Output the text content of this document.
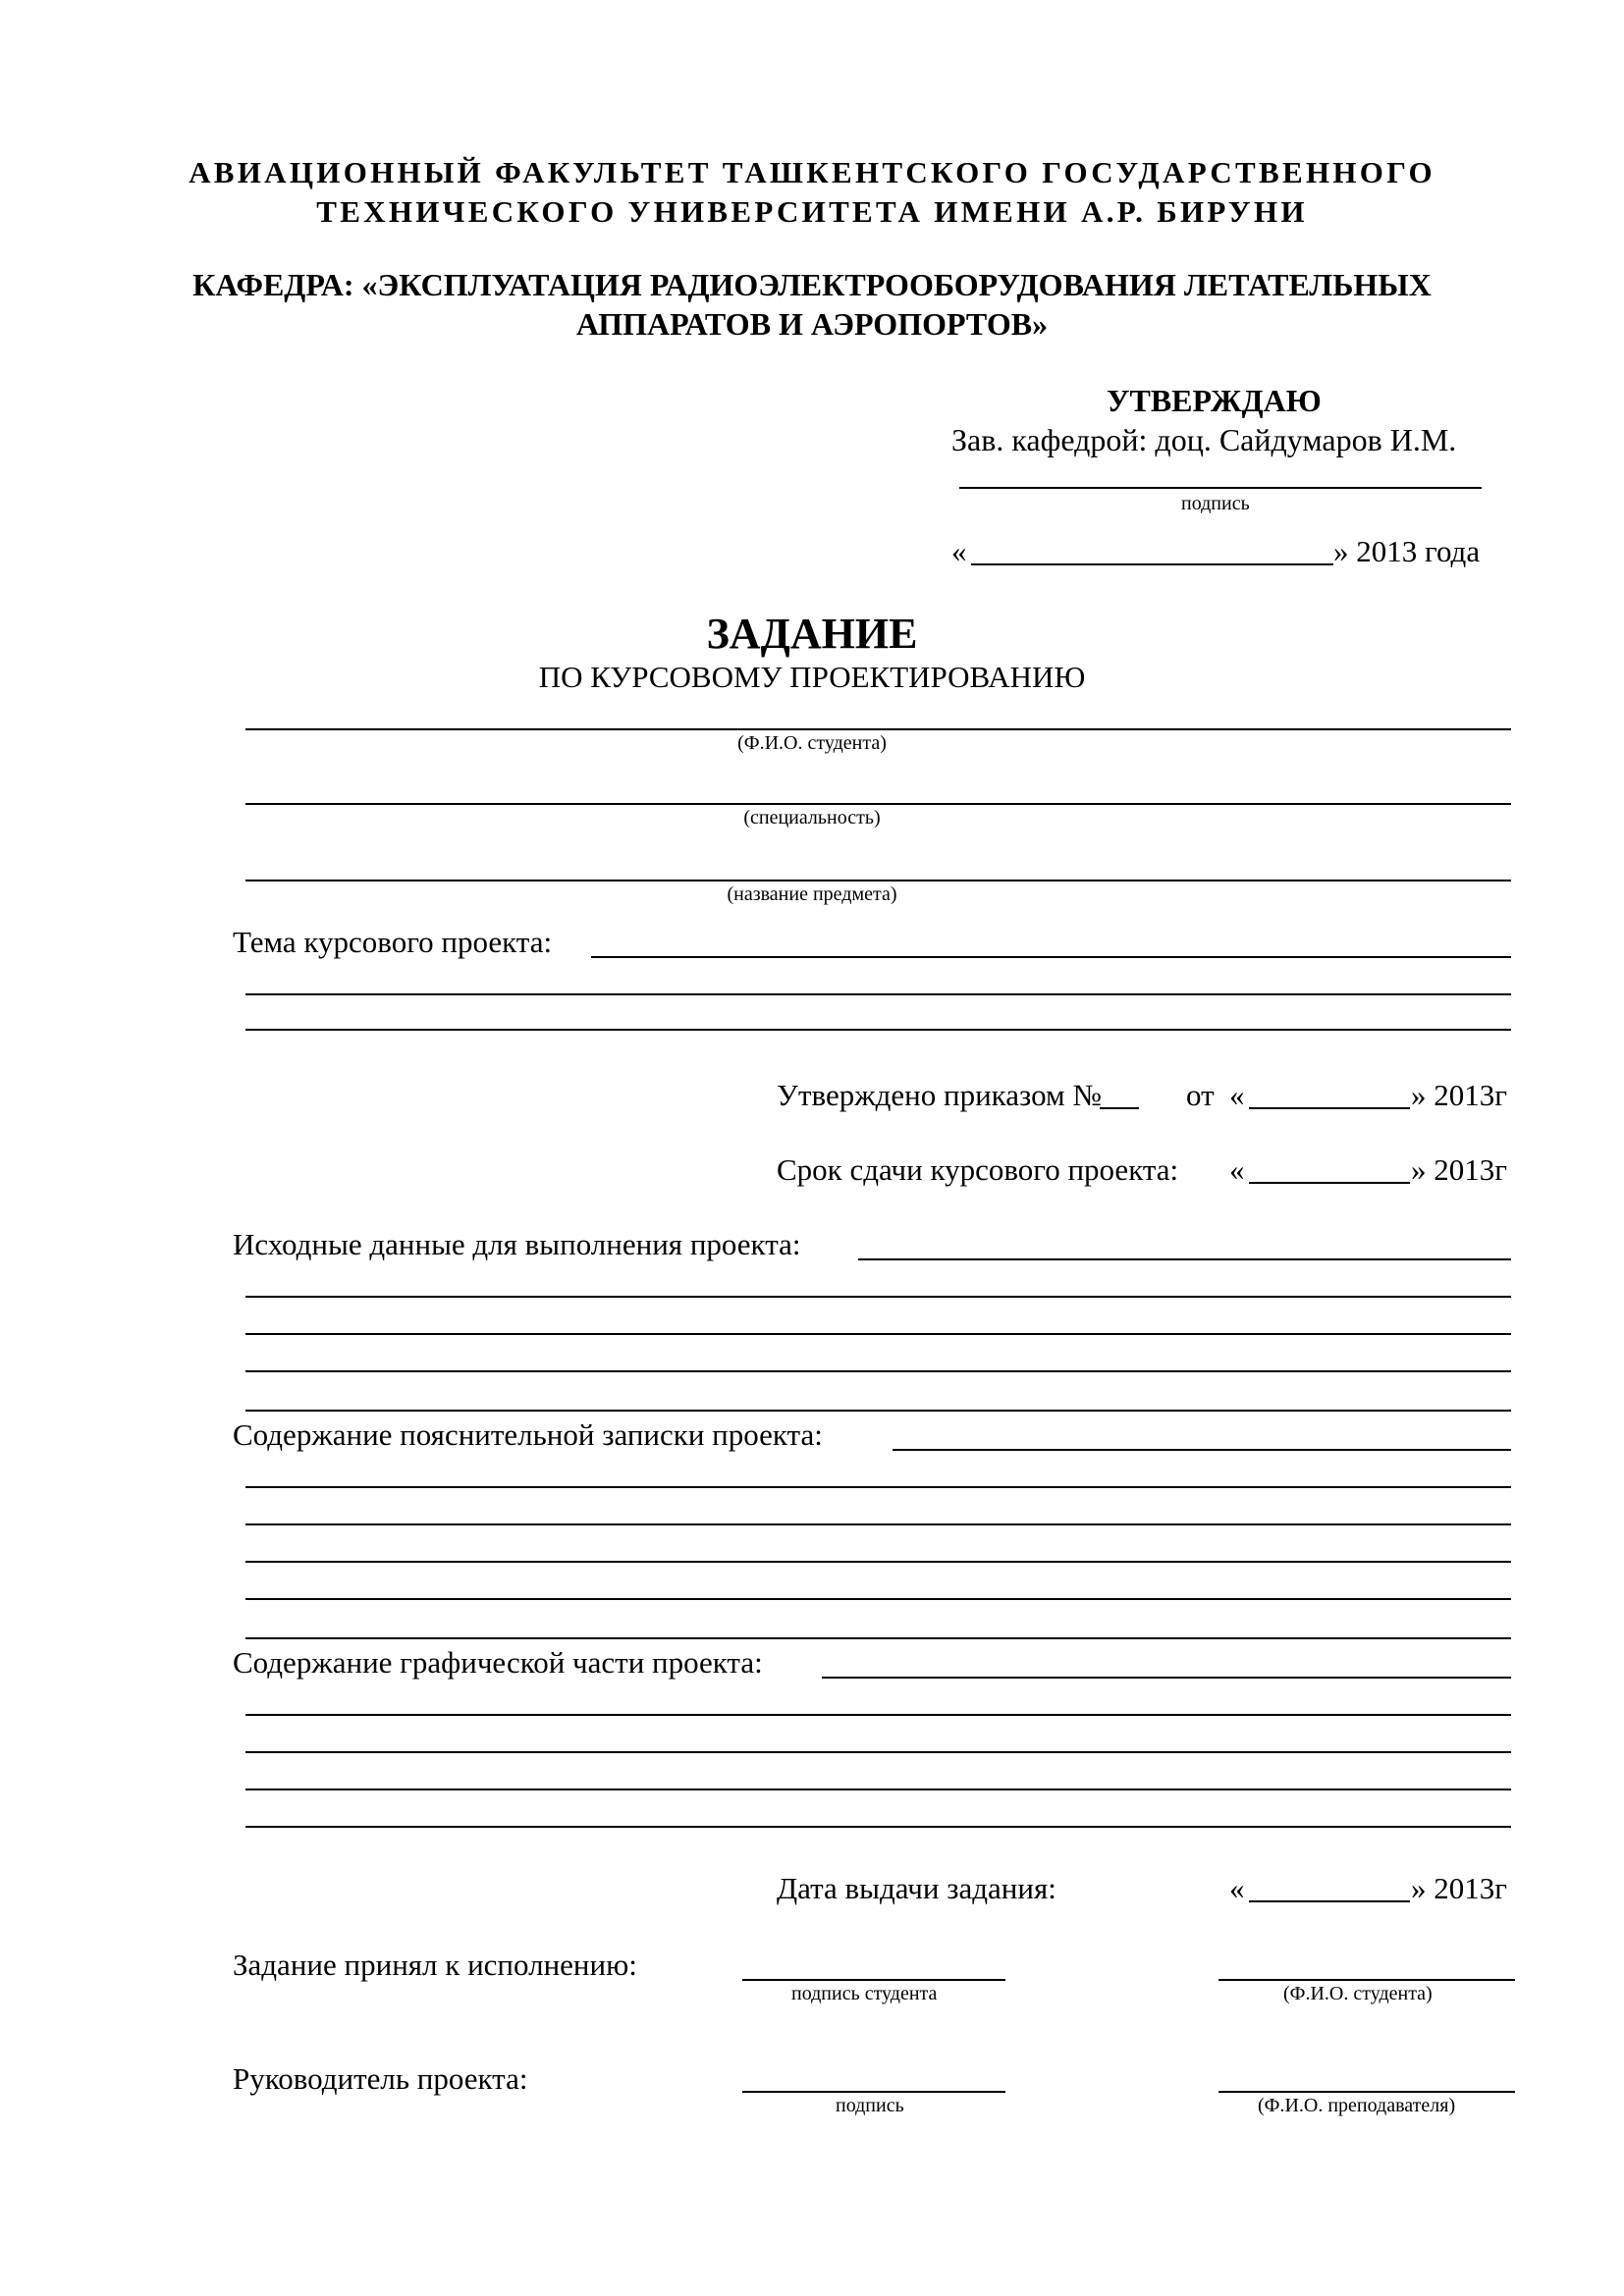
АВИАЦИОННЫЙ ФАКУЛЬТЕТ ТАШКЕНТСКОГО ГОСУДАРСТВЕННОГО
ТЕХНИЧЕСКОГО УНИВЕРСИТЕТА ИМЕНИ А.Р. БИРУНИ
КАФЕДРА: «ЭКСПЛУАТАЦИЯ РАДИОЭЛЕКТРООБОРУДОВАНИЯ ЛЕТАТЕЛЬНЫХ
АППАРАТОВ И АЭРОПОРТОВ»
УТВЕРЖДАЮ
Зав. кафедрой: доц. Сайдумаров И.М.
подпись
«	» 2013 года
ЗАДАНИЕ
ПО КУРСОВОМУ ПРОЕКТИРОВАНИЮ
(Ф.И.О. студента)
(специальность)
(название предмета)
Тема курсового проекта:
Утверждено приказом №	от «	» 2013г
Срок сдачи курсового проекта: «	» 2013г
Исходные данные для выполнения проекта:
Содержание пояснительной записки проекта:
Содержание графической части проекта:
Дата выдачи задания:	«	» 2013г
Задание принял к исполнению:
подпись студента	(Ф.И.О. студента)
Руководитель проекта:
подпись	(Ф.И.О. преподавателя)
